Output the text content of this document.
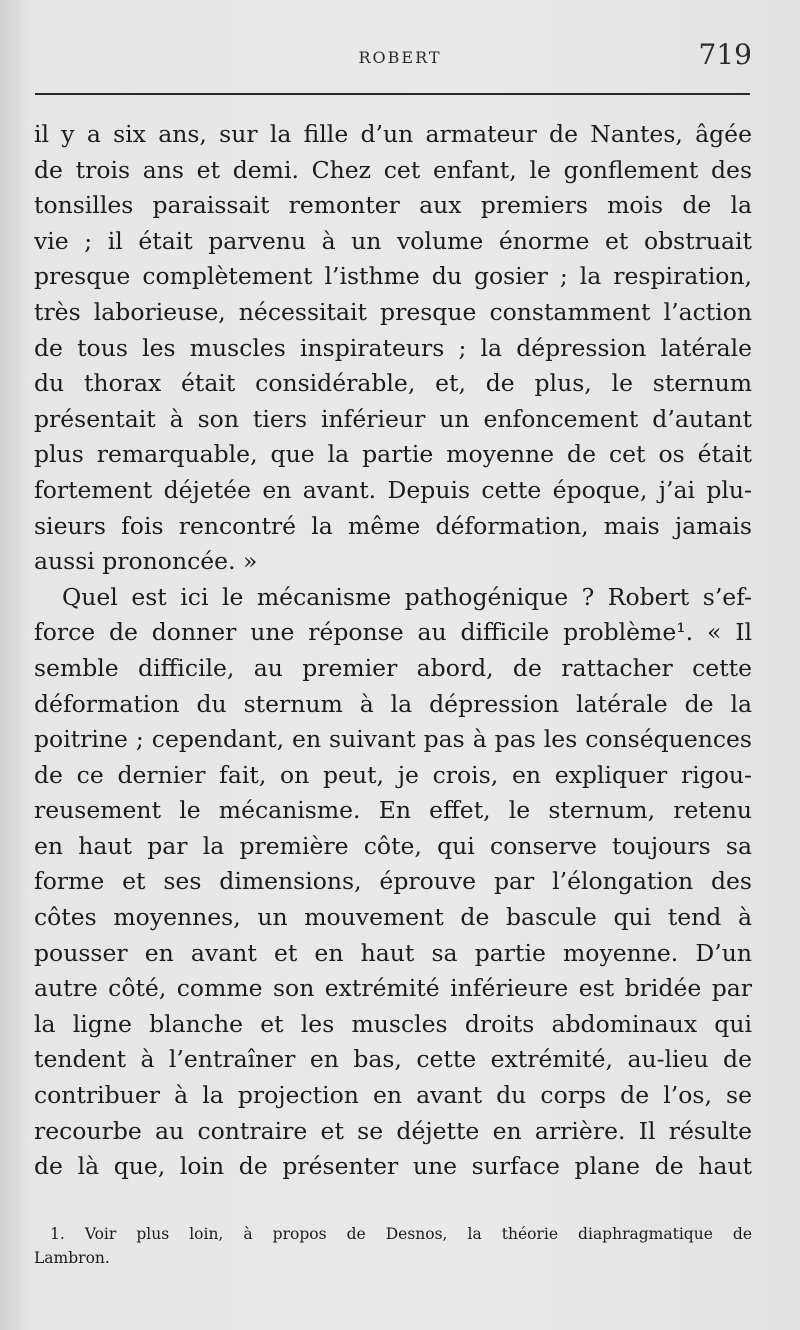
ROBERT	719
il y a six ans, sur la fille d’un armateur de Nantes, âgée
de trois ans et demi. Chez cet enfant, le gonflement des
tonsilles paraissait remonter aux premiers mois de la
vie ; il était parvenu à un volume énorme et obstruait
presque complètement l’isthme du gosier ; la respiration,
très laborieuse, nécessitait presque constamment l’action
de tous les muscles inspirateurs ; la dépression latérale
du thorax était considérable, et, de plus, le sternum
présentait à son tiers inférieur un enfoncement d’autant
plus remarquable, que la partie moyenne de cet os était
fortement déjetée en avant. Depuis cette époque, j’ai plu-
sieurs fois rencontré la même déformation, mais jamais
aussi prononcée. »
Quel est ici le mécanisme pathogénique ? Robert s’ef-
force de donner une réponse au difficile problème¹. « Il
semble difficile, au premier abord, de rattacher cette
déformation du sternum à la dépression latérale de la
poitrine ; cependant, en suivant pas à pas les conséquences
de ce dernier fait, on peut, je crois, en expliquer rigou-
reusement le mécanisme. En effet, le sternum, retenu
en haut par la première côte, qui conserve toujours sa
forme et ses dimensions, éprouve par l’élongation des
côtes moyennes, un mouvement de bascule qui tend à
pousser en avant et en haut sa partie moyenne. D’un
autre côté, comme son extrémité inférieure est bridée par
la ligne blanche et les muscles droits abdominaux qui
tendent à l’entraîner en bas, cette extrémité, au-lieu de
contribuer à la projection en avant du corps de l’os, se
recourbe au contraire et se déjette en arrière. Il résulte
de là que, loin de présenter une surface plane de haut
1. Voir plus loin, à propos de Desnos, la théorie diaphragmatique de
Lambron.
